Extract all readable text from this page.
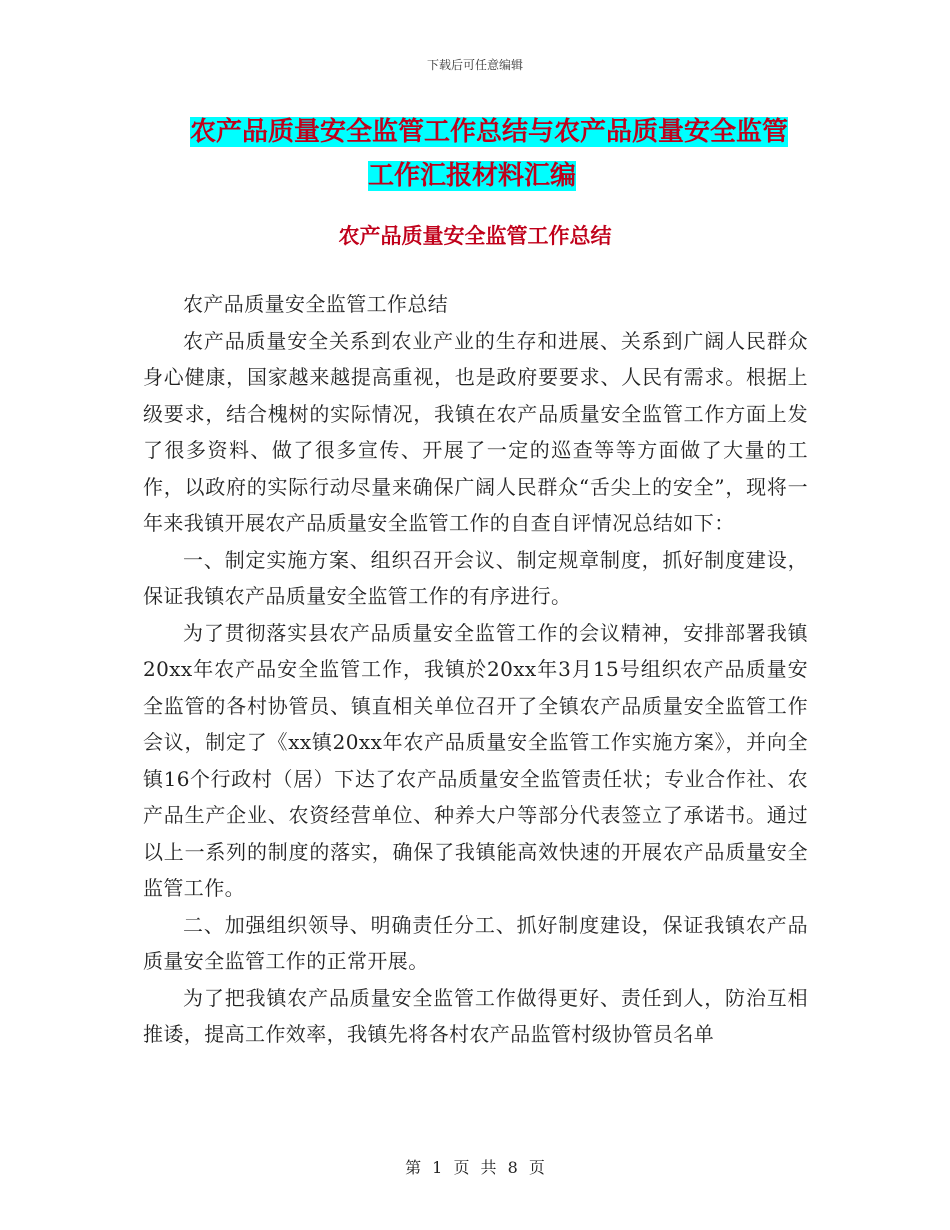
下载后可任意编辑
农产品质量安全监管工作总结与农产品质量安全监管
工作汇报材料汇编
农产品质量安全监管工作总结

农产品质量安全监管工作总结

农产品质量安全关系到农业产业的生存和进展、关系到广阔人民群众身心健康，国家越来越提高重视，也是政府要要求、人民有需求。根据上级要求，结合槐树的实际情况，我镇在农产品质量安全监管工作方面上发了很多资料、做了很多宣传、开展了一定的巡查等等方面做了大量的工作，以政府的实际行动尽量来确保广阔人民群众“舌尖上的安全”，现将一年来我镇开展农产品质量安全监管工作的自查自评情况总结如下：

一、制定实施方案、组织召开会议、制定规章制度，抓好制度建设，保证我镇农产品质量安全监管工作的有序进行。

为了贯彻落实县农产品质量安全监管工作的会议精神，安排部署我镇20xx年农产品安全监管工作，我镇於20xx年3月15号组织农产品质量安全监管的各村协管员、镇直相关单位召开了全镇农产品质量安全监管工作会议，制定了《xx镇20xx年农产品质量安全监管工作实施方案》，并向全镇16个行政村（居）下达了农产品质量安全监管责任状；专业合作社、农产品生产企业、农资经营单位、种养大户等部分代表签立了承诺书。通过以上一系列的制度的落实，确保了我镇能高效快速的开展农产品质量安全监管工作。

二、加强组织领导、明确责任分工、抓好制度建设，保证我镇农产品质量安全监管工作的正常开展。

为了把我镇农产品质量安全监管工作做得更好、责任到人，防治互相推诿，提高工作效率，我镇先将各村农产品监管村级协管员名单

第 1 页 共 8 页
